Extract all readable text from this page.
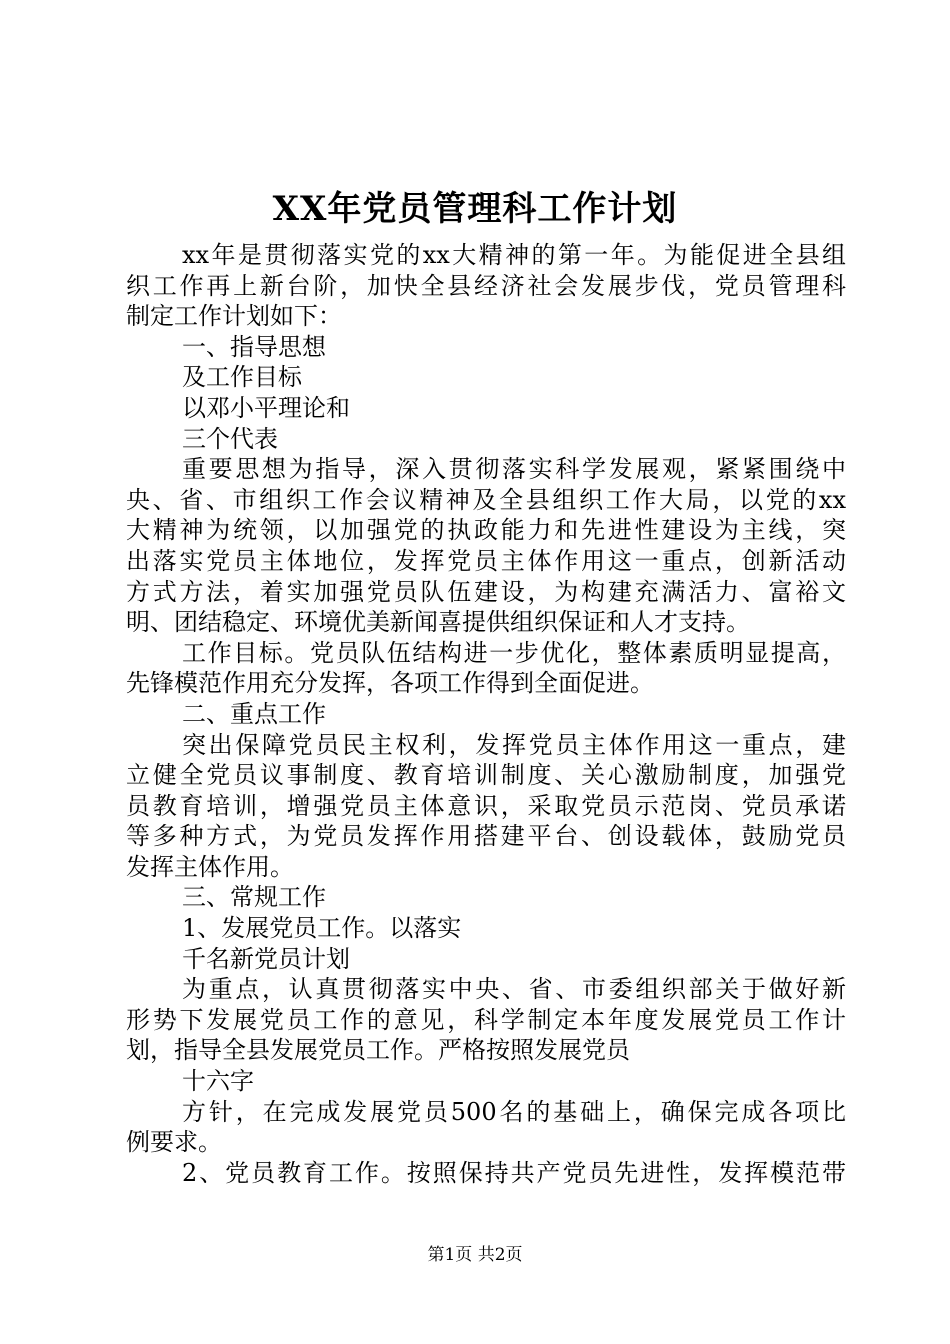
XX年党员管理科工作计划
xx年是贯彻落实党的xx大精神的第一年。为能促进全县组
织工作再上新台阶，加快全县经济社会发展步伐，党员管理科
制定工作计划如下：
一、指导思想
及工作目标
以邓小平理论和
三个代表
重要思想为指导，深入贯彻落实科学发展观，紧紧围绕中
央、省、市组织工作会议精神及全县组织工作大局，以党的xx
大精神为统领，以加强党的执政能力和先进性建设为主线，突
出落实党员主体地位，发挥党员主体作用这一重点，创新活动
方式方法，着实加强党员队伍建设，为构建充满活力、富裕文
明、团结稳定、环境优美新闻喜提供组织保证和人才支持。
工作目标。党员队伍结构进一步优化，整体素质明显提高，
先锋模范作用充分发挥，各项工作得到全面促进。
二、重点工作
突出保障党员民主权利，发挥党员主体作用这一重点，建
立健全党员议事制度、教育培训制度、关心激励制度，加强党
员教育培训，增强党员主体意识，采取党员示范岗、党员承诺
等多种方式，为党员发挥作用搭建平台、创设载体，鼓励党员
发挥主体作用。
三、常规工作
1、发展党员工作。以落实
千名新党员计划
为重点，认真贯彻落实中央、省、市委组织部关于做好新
形势下发展党员工作的意见，科学制定本年度发展党员工作计
划，指导全县发展党员工作。严格按照发展党员
十六字
方针，在完成发展党员500名的基础上，确保完成各项比
例要求。
2、党员教育工作。按照保持共产党员先进性，发挥模范带
第1页 共2页
